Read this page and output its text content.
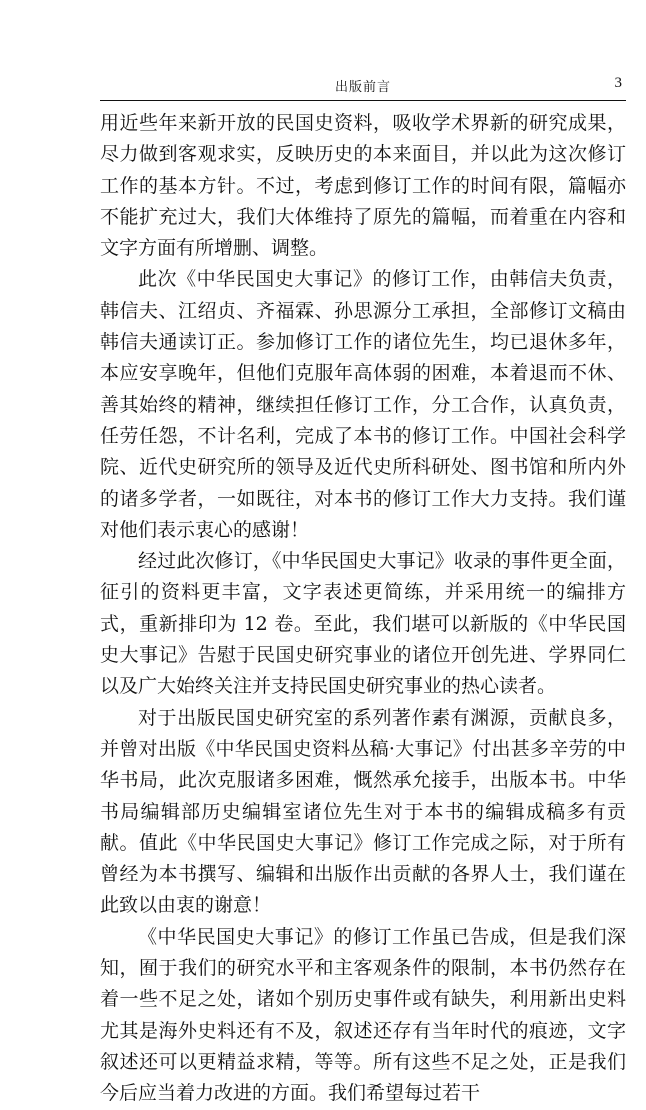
出版前言	3

用近些年来新开放的民国史资料，吸收学术界新的研究成果，尽力做到客观求实，反映历史的本来面目，并以此为这次修订工作的基本方针。不过，考虑到修订工作的时间有限，篇幅亦不能扩充过大，我们大体维持了原先的篇幅，而着重在内容和文字方面有所增删、调整。

此次《中华民国史大事记》的修订工作，由韩信夫负责，韩信夫、江绍贞、齐福霖、孙思源分工承担，全部修订文稿由韩信夫通读订正。参加修订工作的诸位先生，均已退休多年，本应安享晚年，但他们克服年高体弱的困难，本着退而不休、善其始终的精神，继续担任修订工作，分工合作，认真负责，任劳任怨，不计名利，完成了本书的修订工作。中国社会科学院、近代史研究所的领导及近代史所科研处、图书馆和所内外的诸多学者，一如既往，对本书的修订工作大力支持。我们谨对他们表示衷心的感谢！

经过此次修订，《中华民国史大事记》收录的事件更全面，征引的资料更丰富，文字表述更简练，并采用统一的编排方式，重新排印为 12 卷。至此，我们堪可以新版的《中华民国史大事记》告慰于民国史研究事业的诸位开创先进、学界同仁以及广大始终关注并支持民国史研究事业的热心读者。

对于出版民国史研究室的系列著作素有渊源，贡献良多，并曾对出版《中华民国史资料丛稿·大事记》付出甚多辛劳的中华书局，此次克服诸多困难，慨然承允接手，出版本书。中华书局编辑部历史编辑室诸位先生对于本书的编辑成稿多有贡献。值此《中华民国史大事记》修订工作完成之际，对于所有曾经为本书撰写、编辑和出版作出贡献的各界人士，我们谨在此致以由衷的谢意！

《中华民国史大事记》的修订工作虽已告成，但是我们深知，囿于我们的研究水平和主客观条件的限制，本书仍然存在着一些不足之处，诸如个别历史事件或有缺失，利用新出史料尤其是海外史料还有不及，叙述还存有当年时代的痕迹，文字叙述还可以更精益求精，等等。所有这些不足之处，正是我们今后应当着力改进的方面。我们希望每过若干
